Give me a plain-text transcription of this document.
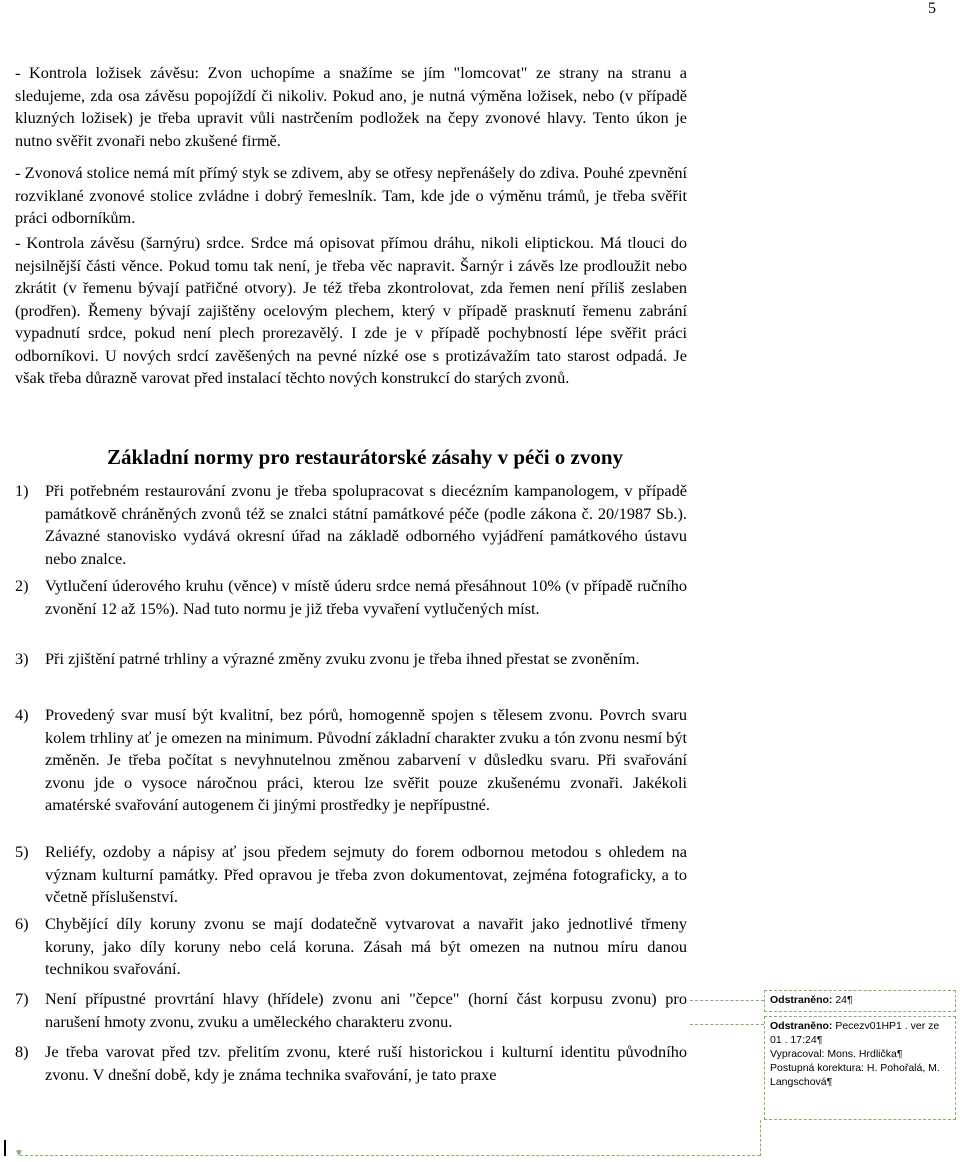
5

- Kontrola ložisek závěsu: Zvon uchopíme a snažíme se jím "lomcovat" ze strany na stranu a sledujeme, zda osa závěsu popojíždí či nikoliv. Pokud ano, je nutná výměna ložisek, nebo (v případě kluzných ložisek) je třeba upravit vůli nastrčením podložek na čepy zvonové hlavy. Tento úkon je nutno svěřit zvonaři nebo zkušené firmě.

- Zvonová stolice nemá mít přímý styk se zdivem, aby se otřesy nepřenášely do zdiva. Pouhé zpevnění rozviklané zvonové stolice zvládne i dobrý řemeslník. Tam, kde jde o výměnu trámů, je třeba svěřit práci odborníkům.

- Kontrola závěsu (šarnýru) srdce. Srdce má opisovat přímou dráhu, nikoli eliptickou. Má tlouci do nejsilnější části věnce. Pokud tomu tak není, je třeba věc napravit. Šarnýr i závěs lze prodloužit nebo zkrátit (v řemenu bývají patřičné otvory). Je též třeba zkontrolovat, zda řemen není příliš zeslaben (prodřen). Řemeny bývají zajištěny ocelovým plechem, který v případě prasknutí řemenu zabrání vypadnutí srdce, pokud není plech prorezavělý. I zde je v případě pochybností lépe svěřit práci odborníkovi. U nových srdcí zavěšených na pevné nízké ose s protizávažím tato starost odpadá. Je však třeba důrazně varovat před instalací těchto nových konstrukcí do starých zvonů.

Základní normy pro restaurátorské zásahy v péči o zvony
1) Při potřebném restaurování zvonu je třeba spolupracovat s diecézním kampanologem, v případě památkově chráněných zvonů též se znalci státní památkové péče (podle zákona č. 20/1987 Sb.). Závazné stanovisko vydává okresní úřad na základě odborného vyjádření památkového ústavu nebo znalce.
2) Vytlučení úderového kruhu (věnce) v místě úderu srdce nemá přesáhnout 10% (v případě ručního zvonění 12 až 15%). Nad tuto normu je již třeba vyvaření vytlučených míst.
3) Při zjištění patrné trhliny a výrazné změny zvuku zvonu je třeba ihned přestat se zvoněním.
4) Provedený svar musí být kvalitní, bez pórů, homogenně spojen s tělesem zvonu. Povrch svaru kolem trhliny ať je omezen na minimum. Původní základní charakter zvuku a tón zvonu nesmí být změněn. Je třeba počítat s nevyhnutelnou změnou zabarvení v důsledku svaru. Při svařování zvonu jde o vysoce náročnou práci, kterou lze svěřit pouze zkušenému zvonaři. Jakékoli amatérské svařování autogenem či jinými prostředky je nepřípustné.
5) Reliéfy, ozdoby a nápisy ať jsou předem sejmuty do forem odbornou metodou s ohledem na význam kulturní památky. Před opravou je třeba zvon dokumentovat, zejména fotograficky, a to včetně příslušenství.
6) Chybějící díly koruny zvonu se mají dodatečně vytvarovat a navařit jako jednotlivé třmeny koruny, jako díly koruny nebo celá koruna. Zásah má být omezen na nutnou míru danou technikou svařování.
7) Není přípustné provrtání hlavy (hřídele) zvonu ani "čepce" (horní část korpusu zvonu) pro narušení hmoty zvonu, zvuku a uměleckého charakteru zvonu.
8) Je třeba varovat před tzv. přelitím zvonu, které ruší historickou i kulturní identitu původního zvonu. V dnešní době, kdy je známa technika svařování, je tato praxe
Odstraněno: 24¶
Odstraněno: Pecezv01HP1 . ver ze 01 . 17:24¶
Vypracoval: Mons. Hrdlička¶
Postupná korektura: H. Pohořalá, M. Langschová¶
▼
